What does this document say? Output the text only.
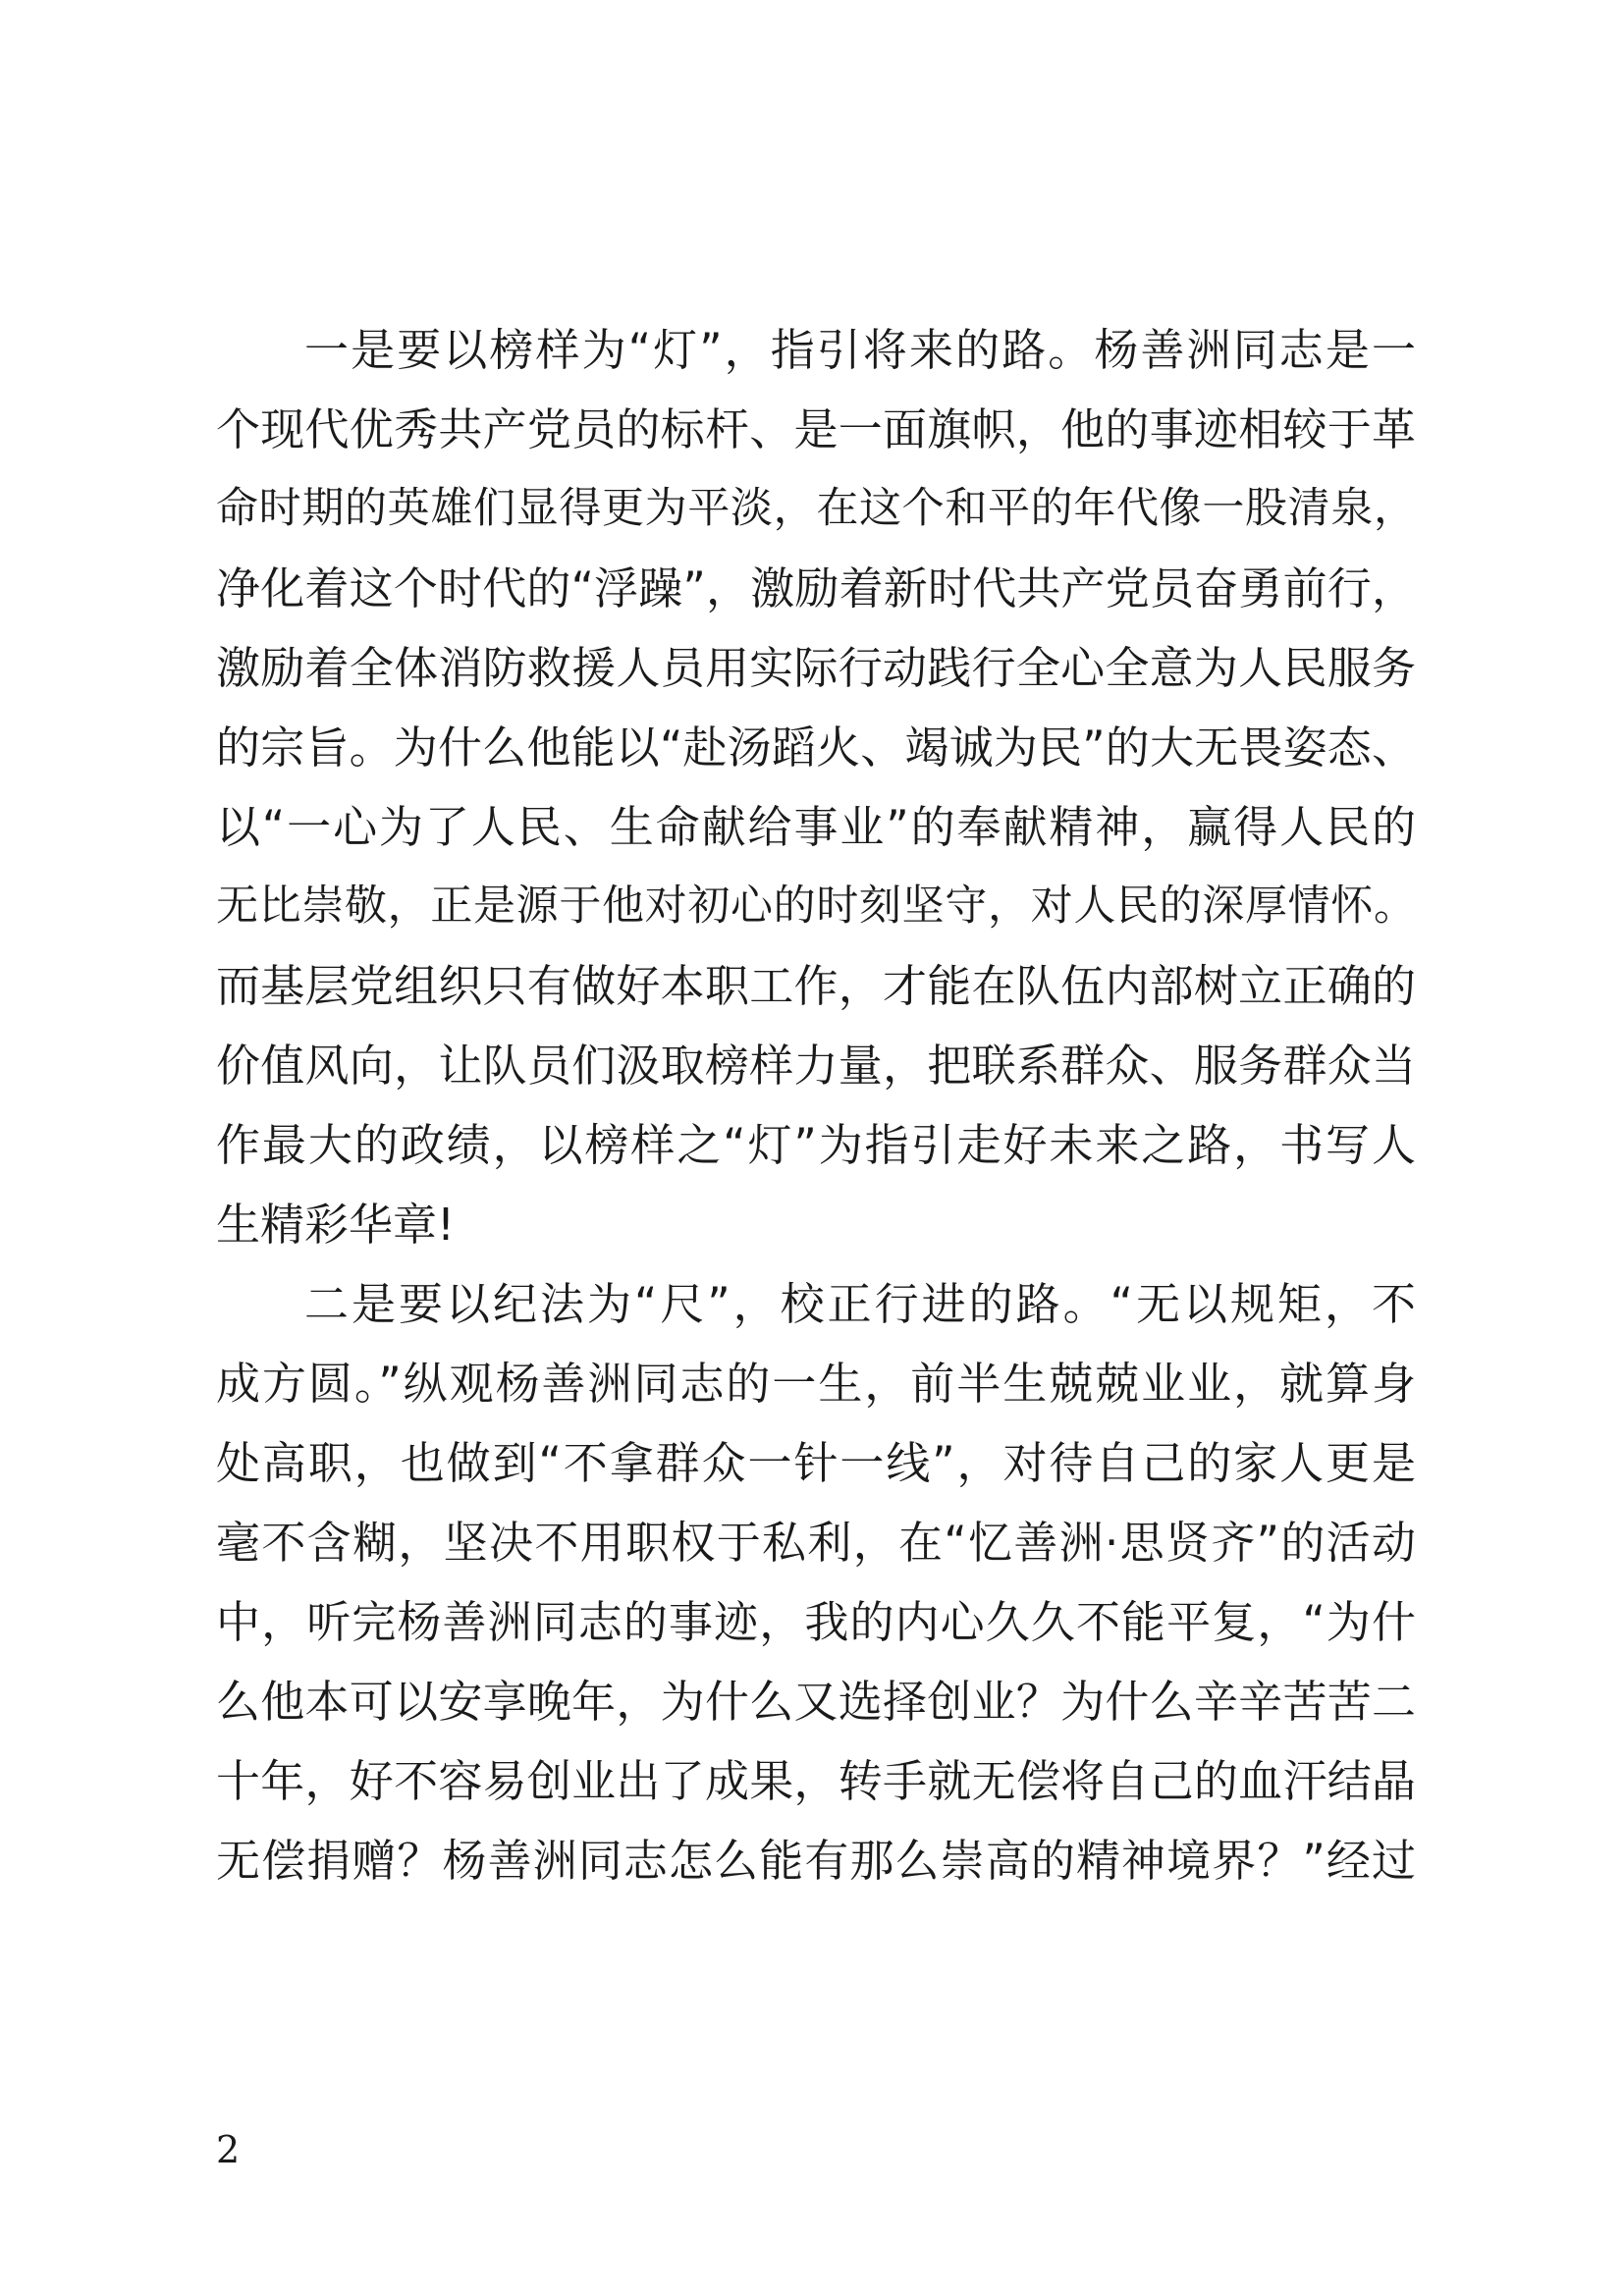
一是要以榜样为“灯”，指引将来的路。杨善洲同志是一
个现代优秀共产党员的标杆、是一面旗帜，他的事迹相较于革
命时期的英雄们显得更为平淡，在这个和平的年代像一股清泉，
净化着这个时代的“浮躁”，激励着新时代共产党员奋勇前行，
激励着全体消防救援人员用实际行动践行全心全意为人民服务
的宗旨。为什么他能以“赴汤蹈火、竭诚为民”的大无畏姿态、
以“一心为了人民、生命献给事业”的奉献精神，赢得人民的
无比崇敬，正是源于他对初心的时刻坚守，对人民的深厚情怀。
而基层党组织只有做好本职工作，才能在队伍内部树立正确的
价值风向，让队员们汲取榜样力量，把联系群众、服务群众当
作最大的政绩，以榜样之“灯”为指引走好未来之路，书写人
生精彩华章!
二是要以纪法为“尺”，校正行进的路。“无以规矩，不
成方圆。”纵观杨善洲同志的一生，前半生兢兢业业，就算身
处高职，也做到“不拿群众一针一线”，对待自己的家人更是
毫不含糊，坚决不用职权于私利，在“忆善洲·思贤齐”的活动
中，听完杨善洲同志的事迹，我的内心久久不能平复，“为什
么他本可以安享晚年，为什么又选择创业？为什么辛辛苦苦二
十年，好不容易创业出了成果，转手就无偿将自己的血汗结晶
无偿捐赠？杨善洲同志怎么能有那么崇高的精神境界？”经过
2
